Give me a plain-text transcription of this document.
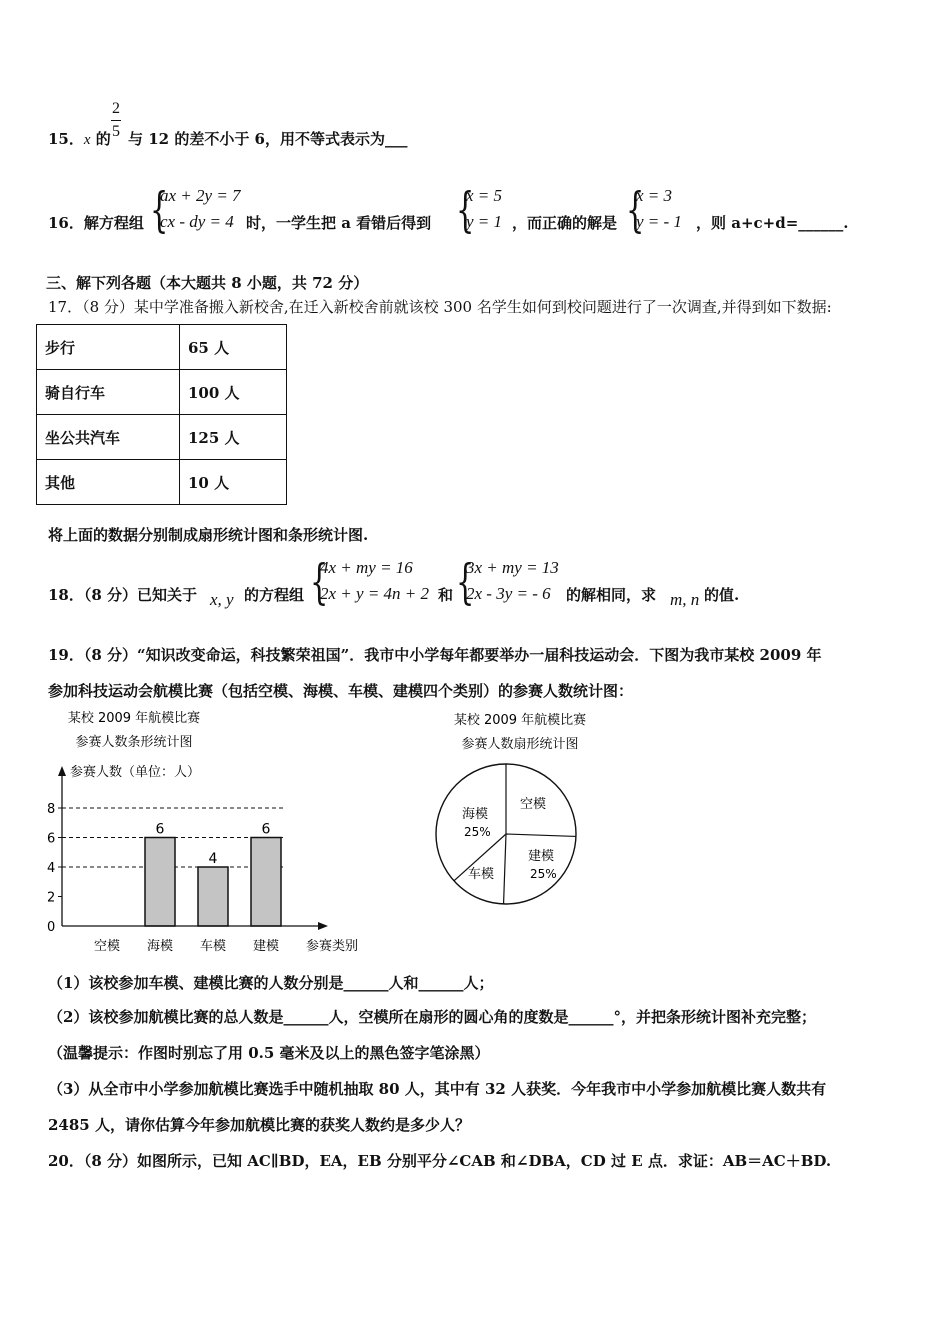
15．x 的
2
5 与 12 的差不小于 6，用不等式表示为___
16．解方程组 {
ax + 2y = 7
cx - dy = 4 时，一学生把 a 看错后得到 {
x = 5
y = 1 ，而正确的解是 {
x = 3
y = - 1 ，则 a+c+d=______.
三、解下列各题（本大题共 8 小题，共 72 分）
17．（8 分）某中学准备搬入新校舍,在迁入新校舍前就该校 300 名学生如何到校问题进行了一次调查,并得到如下数据:
步行	65 人
骑自行车	100 人
坐公共汽车	125 人
其他	10 人
将上面的数据分别制成扇形统计图和条形统计图.
18．（8 分）已知关于 x, y 的方程组 {
4x + my = 16
2x + y = 4n + 2 和 {
3x + my = 13
2x - 3y = - 6 的解相同，求 m, n 的值.
19．（8 分）“知识改变命运，科技繁荣祖国”．我市中小学每年都要举办一届科技运动会．下图为我市某校 2009 年
参加科技运动会航模比赛（包括空模、海模、车模、建模四个类别）的参赛人数统计图：
某校 2009 年航模比赛
参赛人数条形统计图
参赛人数（单位：人）
0
2
4
6
8
空模 海模
6
车模
4
建模
6
参赛类别
某校 2009 年航模比赛
参赛人数扇形统计图
海模
25%
空模
建模
25%
车模
（1）该校参加车模、建模比赛的人数分别是______人和______人；
（2）该校参加航模比赛的总人数是______人，空模所在扇形的圆心角的度数是______°，并把条形统计图补充完整；
（温馨提示：作图时别忘了用 0.5 毫米及以上的黑色签字笔涂黑）
（3）从全市中小学参加航模比赛选手中随机抽取 80 人，其中有 32 人获奖．今年我市中小学参加航模比赛人数共有
2485 人，请你估算今年参加航模比赛的获奖人数约是多少人？
20．（8 分）如图所示，已知 AC∥BD，EA，EB 分别平分∠CAB 和∠DBA，CD 过 E 点．求证：AB＝AC＋BD.
